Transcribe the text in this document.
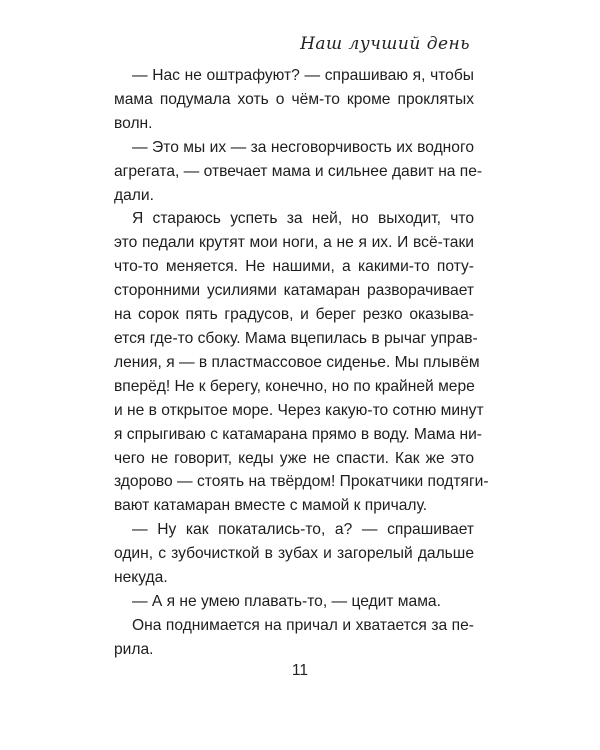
Наш лучший день

— Нас не оштрафуют? — спрашиваю я, чтобы
мама подумала хоть о чём-то кроме проклятых
волн.

— Это мы их — за несговорчивость их водного
агрегата, — отвечает мама и сильнее давит на пе-
дали.

Я стараюсь успеть за ней, но выходит, что
это педали крутят мои ноги, а не я их. И всё-таки
что-то меняется. Не нашими, а какими-то поту-
сторонними усилиями катамаран разворачивает
на сорок пять градусов, и берег резко оказыва-
ется где-то сбоку. Мама вцепилась в рычаг управ-
ления, я — в пластмассовое сиденье. Мы плывём
вперёд! Не к берегу, конечно, но по крайней мере
и не в открытое море. Через какую-то сотню минут
я спрыгиваю с катамарана прямо в воду. Мама ни-
чего не говорит, кеды уже не спасти. Как же это
здорово — стоять на твёрдом! Прокатчики подтяги-
вают катамаран вместе с мамой к причалу.

— Ну как покатались-то, а? — спрашивает
один, с зубочисткой в зубах и загорелый дальше
некуда.

— А я не умею плавать-то, — цедит мама.

Она поднимается на причал и хватается за пе-
рила.

11
